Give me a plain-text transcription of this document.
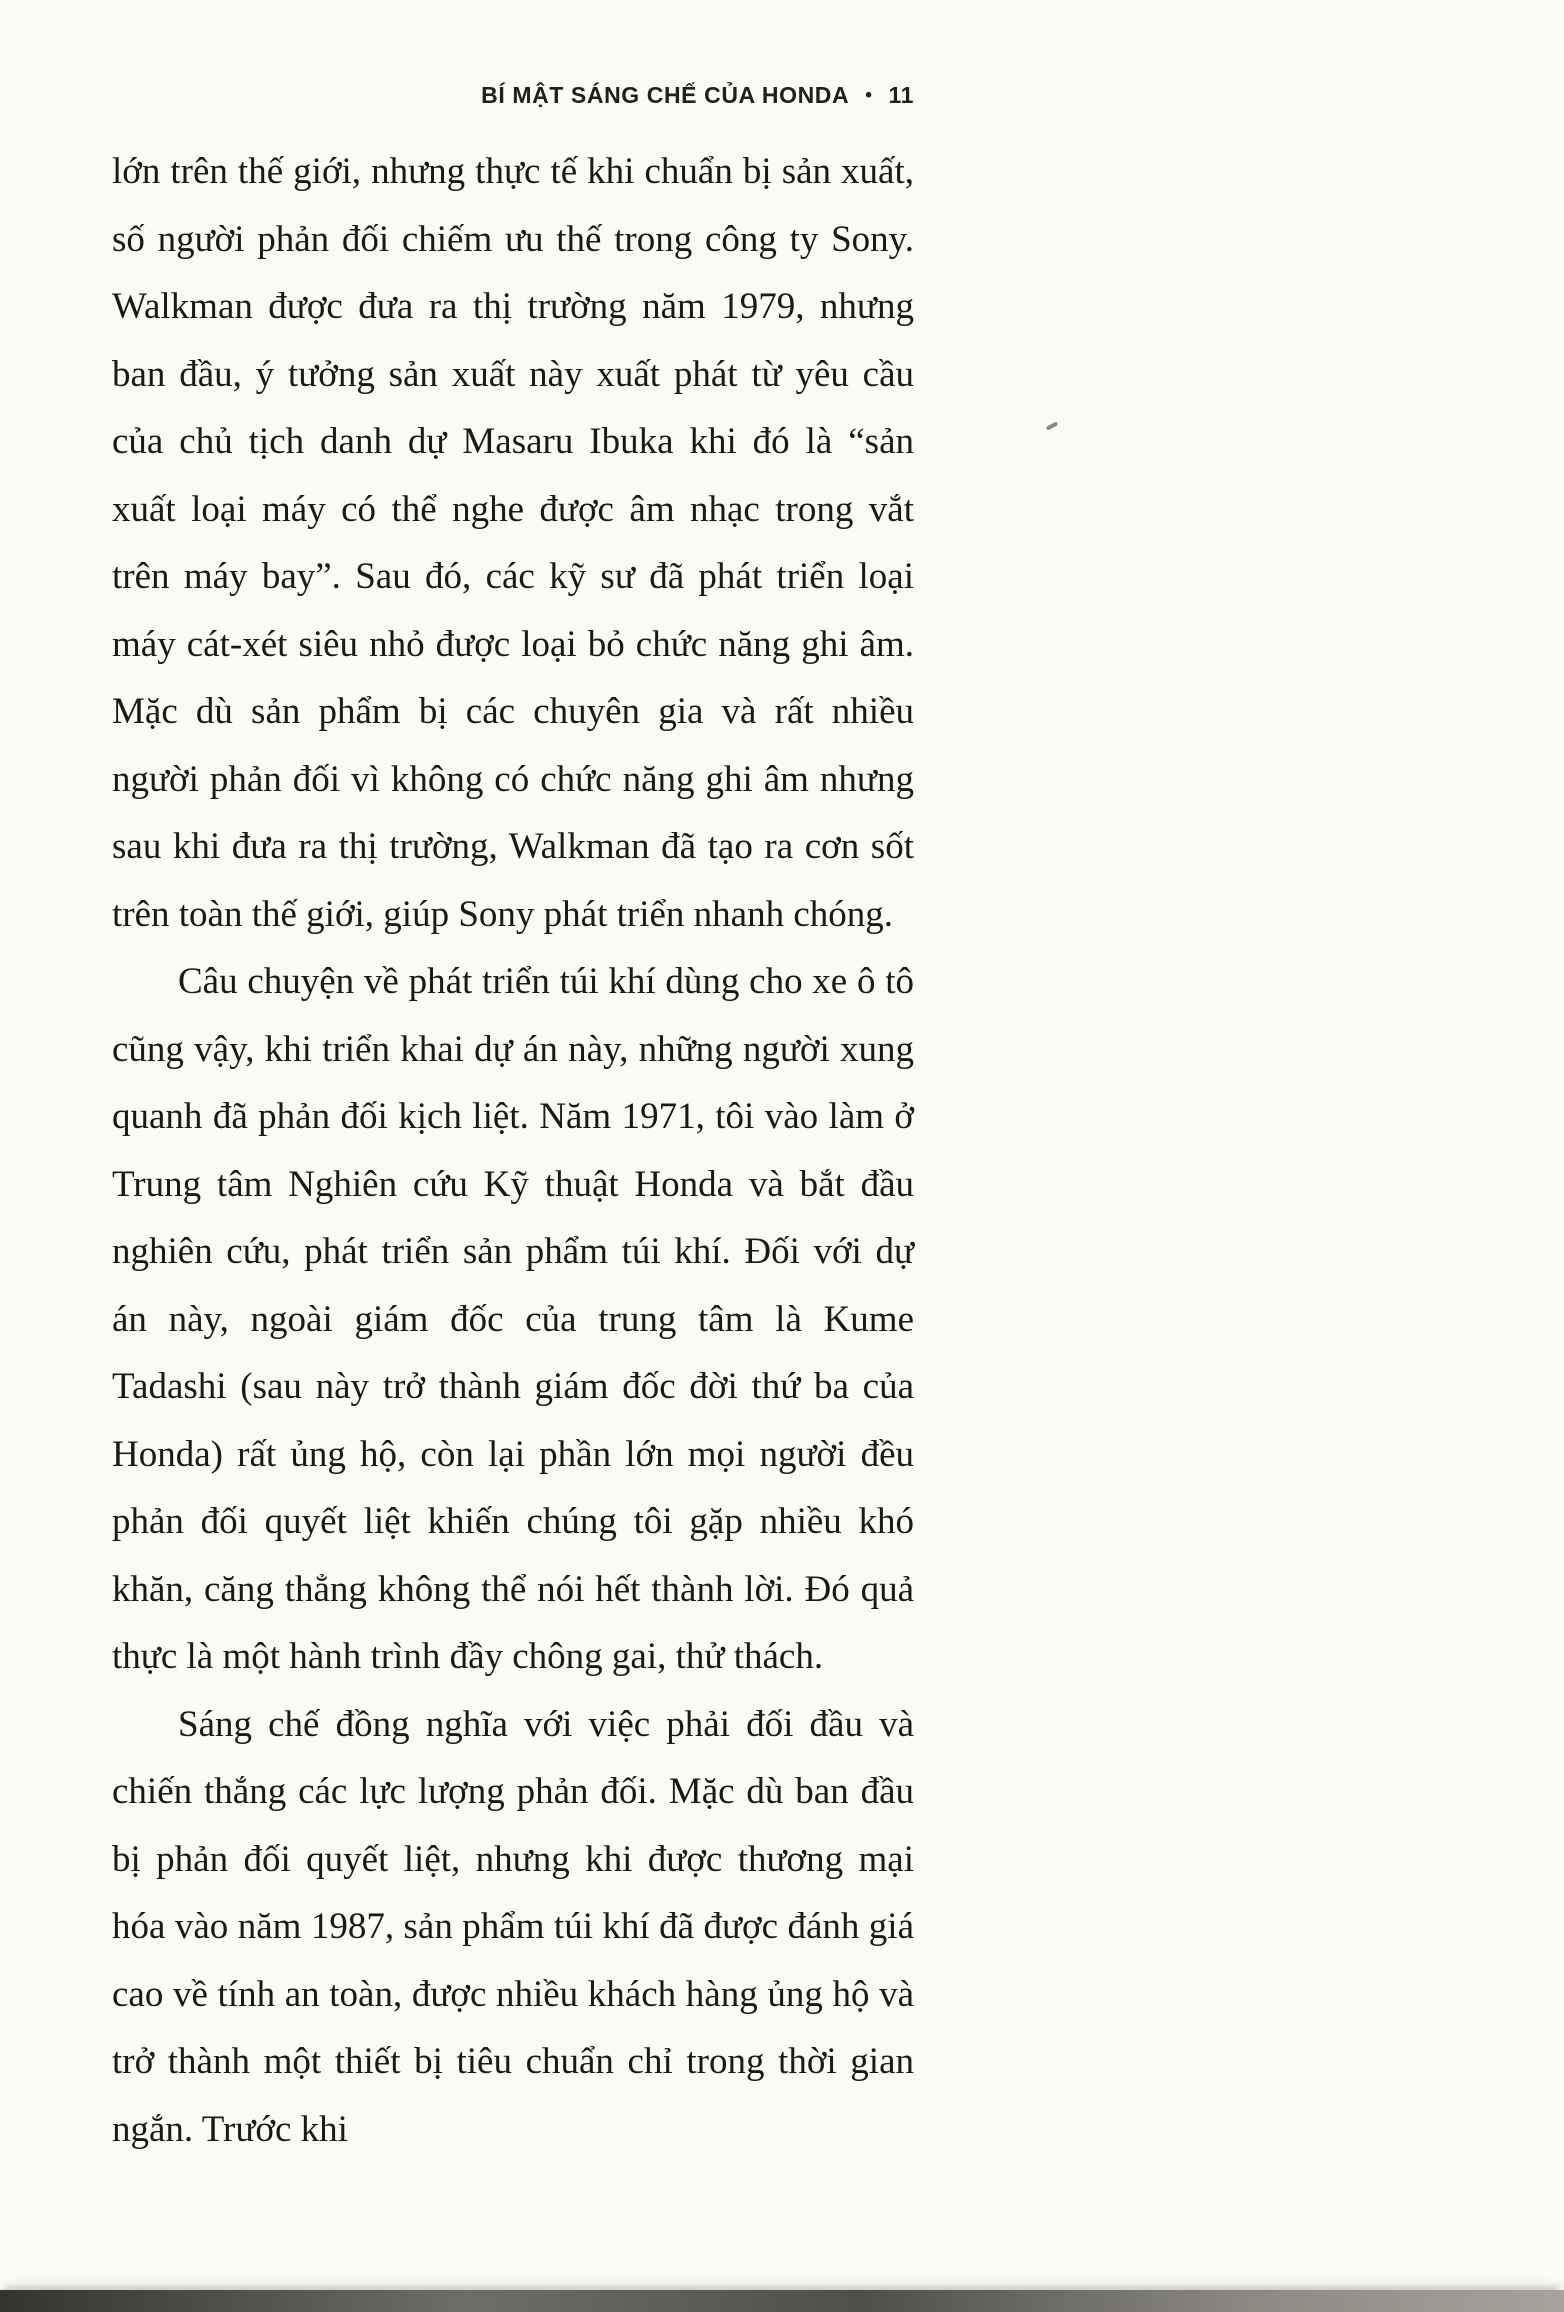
BÍ MẬT SÁNG CHẾ CỦA HONDA • 11

lớn trên thế giới, nhưng thực tế khi chuẩn bị sản xuất, số người phản đối chiếm ưu thế trong công ty Sony. Walkman được đưa ra thị trường năm 1979, nhưng ban đầu, ý tưởng sản xuất này xuất phát từ yêu cầu của chủ tịch danh dự Masaru Ibuka khi đó là “sản xuất loại máy có thể nghe được âm nhạc trong vắt trên máy bay”. Sau đó, các kỹ sư đã phát triển loại máy cát-xét siêu nhỏ được loại bỏ chức năng ghi âm. Mặc dù sản phẩm bị các chuyên gia và rất nhiều người phản đối vì không có chức năng ghi âm nhưng sau khi đưa ra thị trường, Walkman đã tạo ra cơn sốt trên toàn thế giới, giúp Sony phát triển nhanh chóng.

Câu chuyện về phát triển túi khí dùng cho xe ô tô cũng vậy, khi triển khai dự án này, những người xung quanh đã phản đối kịch liệt. Năm 1971, tôi vào làm ở Trung tâm Nghiên cứu Kỹ thuật Honda và bắt đầu nghiên cứu, phát triển sản phẩm túi khí. Đối với dự án này, ngoài giám đốc của trung tâm là Kume Tadashi (sau này trở thành giám đốc đời thứ ba của Honda) rất ủng hộ, còn lại phần lớn mọi người đều phản đối quyết liệt khiến chúng tôi gặp nhiều khó khăn, căng thẳng không thể nói hết thành lời. Đó quả thực là một hành trình đầy chông gai, thử thách.

Sáng chế đồng nghĩa với việc phải đối đầu và chiến thắng các lực lượng phản đối. Mặc dù ban đầu bị phản đối quyết liệt, nhưng khi được thương mại hóa vào năm 1987, sản phẩm túi khí đã được đánh giá cao về tính an toàn, được nhiều khách hàng ủng hộ và trở thành một thiết bị tiêu chuẩn chỉ trong thời gian ngắn. Trước khi
